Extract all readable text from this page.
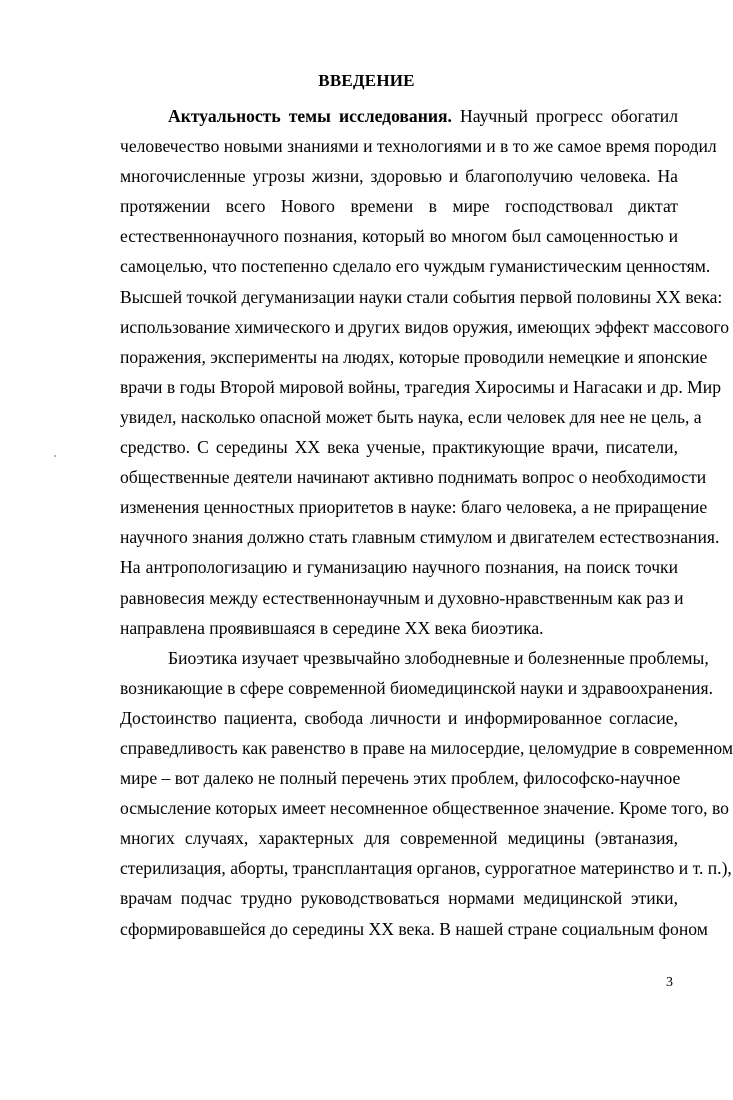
ВВЕДЕНИЕ
Актуальность темы исследования. Научный прогресс обогатил
человечество новыми знаниями и технологиями и в то же самое время породил
многочисленные угрозы жизни, здоровью и благополучию человека. На
протяжении всего Нового времени в мире господствовал диктат
естественнонаучного познания, который во многом был самоценностью и
самоцелью, что постепенно сделало его чуждым гуманистическим ценностям.
Высшей точкой дегуманизации науки стали события первой половины XX века:
использование химического и других видов оружия, имеющих эффект массового
поражения, эксперименты на людях, которые проводили немецкие и японские
врачи в годы Второй мировой войны, трагедия Хиросимы и Нагасаки и др. Мир
увидел, насколько опасной может быть наука, если человек для нее не цель, а
средство. С середины XX века ученые, практикующие врачи, писатели,
общественные деятели начинают активно поднимать вопрос о необходимости
изменения ценностных приоритетов в науке: благо человека, а не приращение
научного знания должно стать главным стимулом и двигателем естествознания.
На антропологизацию и гуманизацию научного познания, на поиск точки
равновесия между естественнонаучным и духовно-нравственным как раз и
направлена проявившаяся в середине XX века биоэтика.
Биоэтика изучает чрезвычайно злободневные и болезненные проблемы,
возникающие в сфере современной биомедицинской науки и здравоохранения.
Достоинство пациента, свобода личности и информированное согласие,
справедливость как равенство в праве на милосердие, целомудрие в современном
мире – вот далеко не полный перечень этих проблем, философско-научное
осмысление которых имеет несомненное общественное значение. Кроме того, во
многих случаях, характерных для современной медицины (эвтаназия,
стерилизация, аборты, трансплантация органов, суррогатное материнство и т. п.),
врачам подчас трудно руководствоваться нормами медицинской этики,
сформировавшейся до середины XX века. В нашей стране социальным фоном
3
